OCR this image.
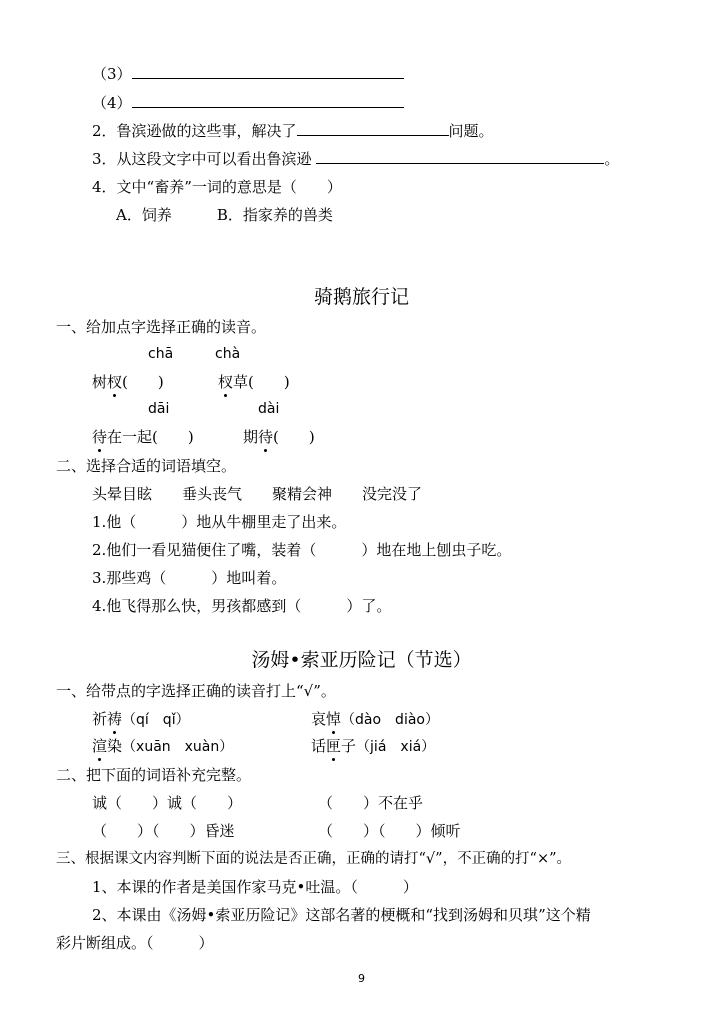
（3）
（4）
2．鲁滨逊做的这些事，解决了	问题。
3．从这段文字中可以看出鲁滨逊	。
4．文中“畜养”一词的意思是（　　）
A．饲养　　　B．指家养的兽类
骑鹅旅行记
一、给加点字选择正确的读音。
chā	chà
树杈(　　)	杈草(　　)
dāi	dài
待在一起(　　)	期待(　　)
二、选择合适的词语填空。
头晕目眩　　垂头丧气　　聚精会神　　没完没了
1.他（　　　）地从牛棚里走了出来。
2.他们一看见猫便住了嘴，装着（　　　）地在地上刨虫子吃。
3.那些鸡（　　　）地叫着。
4.他飞得那么快，男孩都感到（　　　）了。
汤姆•索亚历险记（节选）
一、给带点的字选择正确的读音打上“√”。
祈祷（qí　qǐ）	哀悼（dào　diào）
渲染（xuān　xuàn）	话匣子（jiá　xiá）
二、把下面的词语补充完整。
诚（　　）诚（　　）	（　　）不在乎
（　　）（　　）昏迷	（　　）（　　）倾听
三、根据课文内容判断下面的说法是否正确，正确的请打“√”，不正确的打“×”。
1、本课的作者是美国作家马克•吐温。（　　　）
2、本课由《汤姆•索亚历险记》这部名著的梗概和“找到汤姆和贝琪”这个精
彩片断组成。（　　　）
9
